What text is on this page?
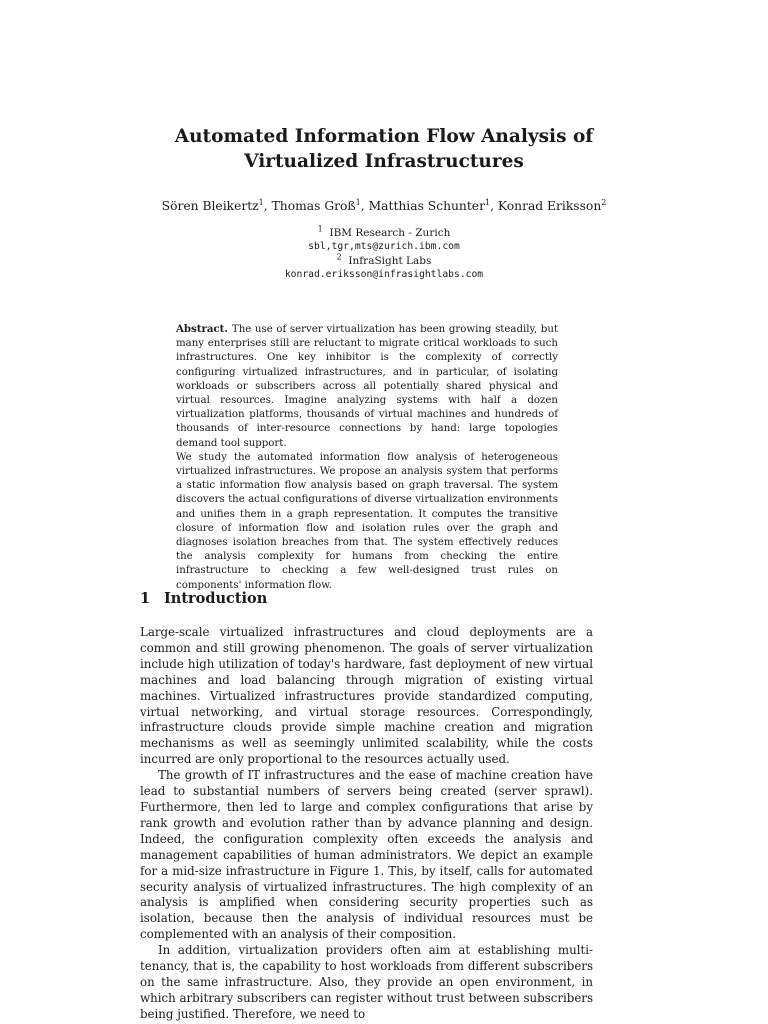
Automated Information Flow Analysis of
Virtualized Infrastructures
Sören Bleikertz$^1$, Thomas Groß$^1$, Matthias Schunter$^1$, Konrad Eriksson$^2$
$^1$ IBM Research - Zurich
sbl,tgr,mts@zurich.ibm.com
$^2$ InfraSight Labs
konrad.eriksson@infrasightlabs.com

Abstract. The use of server virtualization has been growing steadily, but many enterprises still are reluctant to migrate critical workloads to such infrastructures. One key inhibitor is the complexity of correctly configuring virtualized infrastructures, and in particular, of isolating workloads or subscribers across all potentially shared physical and virtual resources. Imagine analyzing systems with half a dozen virtualization platforms, thousands of virtual machines and hundreds of thousands of inter-resource connections by hand: large topologies demand tool support.

We study the automated information flow analysis of heterogeneous virtualized infrastructures. We propose an analysis system that performs a static information flow analysis based on graph traversal. The system discovers the actual configurations of diverse virtualization environments and unifies them in a graph representation. It computes the transitive closure of information flow and isolation rules over the graph and diagnoses isolation breaches from that. The system effectively reduces the analysis complexity for humans from checking the entire infrastructure to checking a few well-designed trust rules on components' information flow.

1 Introduction

Large-scale virtualized infrastructures and cloud deployments are a common and still growing phenomenon. The goals of server virtualization include high utilization of today's hardware, fast deployment of new virtual machines and load balancing through migration of existing virtual machines. Virtualized infrastructures provide standardized computing, virtual networking, and virtual storage resources. Correspondingly, infrastructure clouds provide simple machine creation and migration mechanisms as well as seemingly unlimited scalability, while the costs incurred are only proportional to the resources actually used.

The growth of IT infrastructures and the ease of machine creation have lead to substantial numbers of servers being created (server sprawl). Furthermore, then led to large and complex configurations that arise by rank growth and evolution rather than by advance planning and design. Indeed, the configuration complexity often exceeds the analysis and management capabilities of human administrators. We depict an example for a mid-size infrastructure in Figure 1. This, by itself, calls for automated security analysis of virtualized infrastructures. The high complexity of an analysis is amplified when considering security properties such as isolation, because then the analysis of individual resources must be complemented with an analysis of their composition.

In addition, virtualization providers often aim at establishing multi-tenancy, that is, the capability to host workloads from different subscribers on the same infrastructure. Also, they provide an open environment, in which arbitrary subscribers can register without trust between subscribers being justified. Therefore, we need to
